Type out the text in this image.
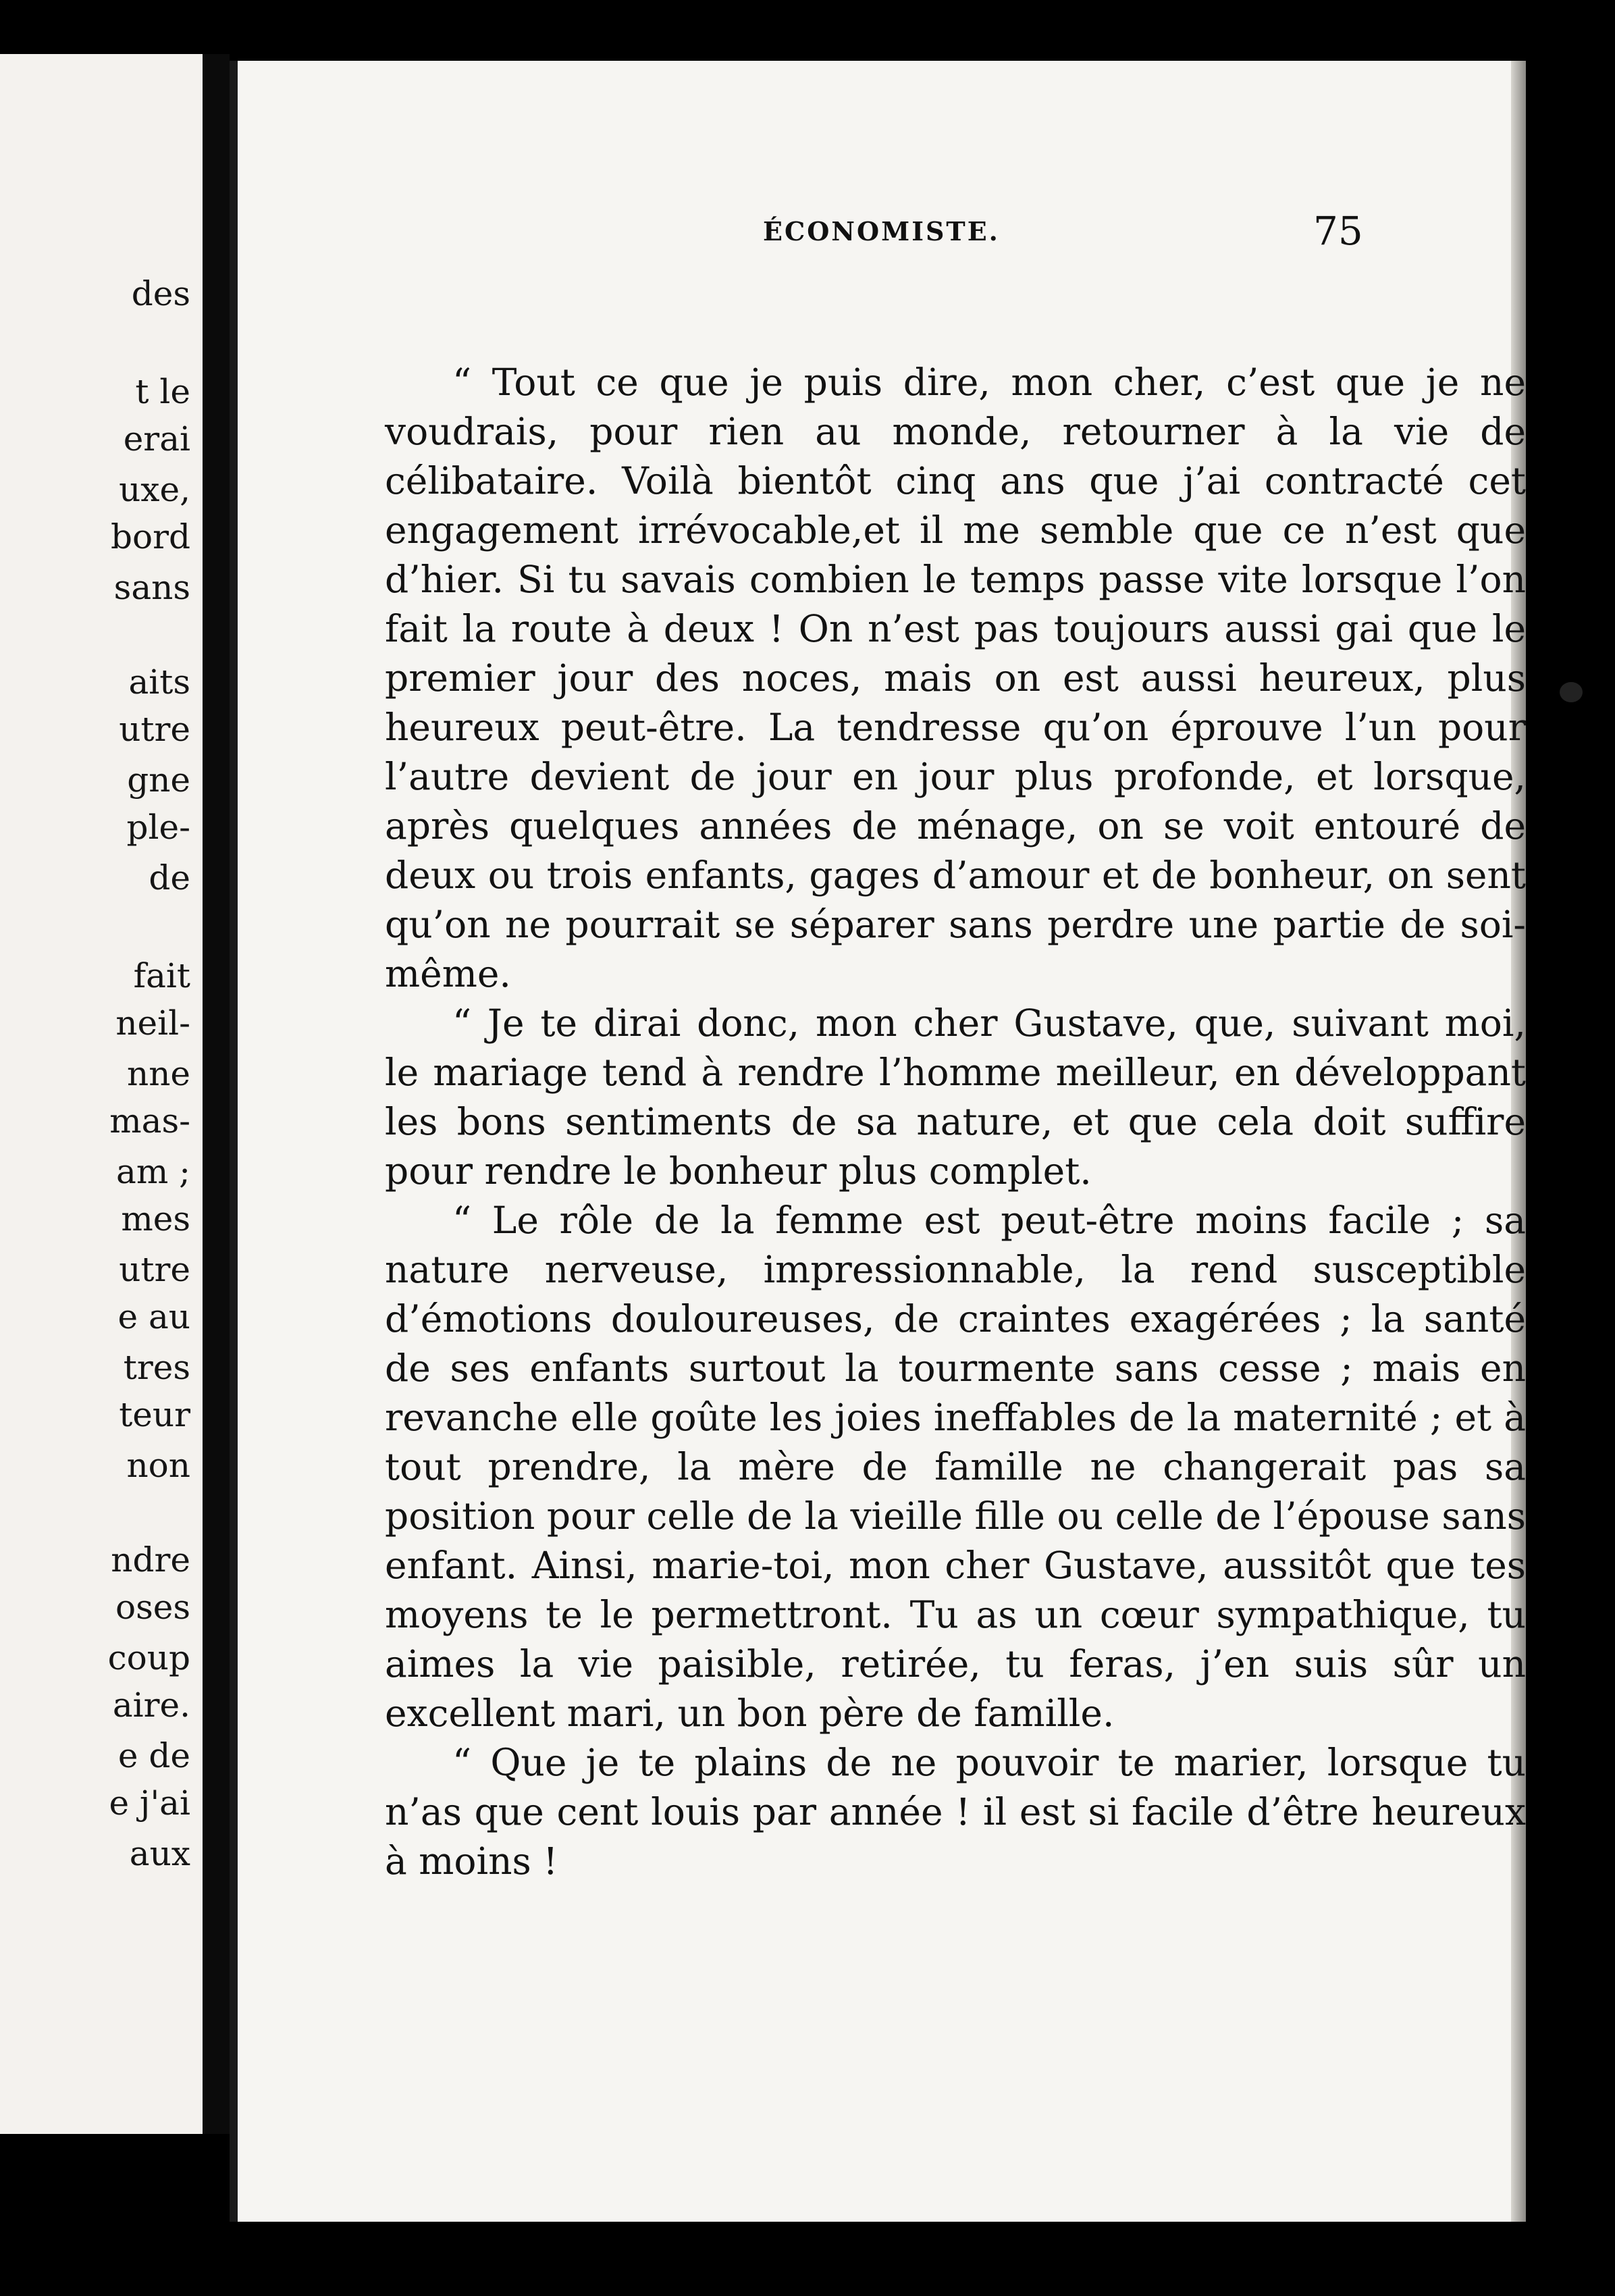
des
t le
erai
uxe,
bord
sans
aits
utre
gne
ple-
de
fait
neil-
nne
mas-
am ;
mes
utre
e au
tres
teur
non
ndre
oses
coup
aire.
e de
e j'ai
aux
ÉCONOMISTE.	75

“ Tout ce que je puis dire, mon cher, c’est que je ne voudrais, pour rien au monde, retourner à la vie de célibataire. Voilà bientôt cinq ans que j’ai contracté cet engagement irrévocable,et il me semble que ce n’est que d’hier. Si tu savais combien le temps passe vite lorsque l’on fait la route à deux ! On n’est pas toujours aussi gai que le premier jour des noces, mais on est aussi heureux, plus heureux peut-être. La tendresse qu’on éprouve l’un pour l’autre devient de jour en jour plus profonde, et lorsque, après quelques années de ménage, on se voit entouré de deux ou trois enfants, gages d’amour et de bonheur, on sent qu’on ne pourrait se séparer sans perdre une partie de soi-même.

“ Je te dirai donc, mon cher Gustave, que, suivant moi, le mariage tend à rendre l’homme meilleur, en développant les bons sentiments de sa nature, et que cela doit suffire pour rendre le bonheur plus complet.

“ Le rôle de la femme est peut-être moins facile ; sa nature nerveuse, impressionnable, la rend susceptible d’émotions douloureuses, de craintes exagérées ; la santé de ses enfants surtout la tourmente sans cesse ; mais en revanche elle goûte les joies ineffables de la maternité ; et à tout prendre, la mère de famille ne changerait pas sa position pour celle de la vieille fille ou celle de l’épouse sans enfant. Ainsi, marie-toi, mon cher Gustave, aussitôt que tes moyens te le permettront. Tu as un cœur sympathique, tu aimes la vie paisible, retirée, tu feras, j’en suis sûr un excellent mari, un bon père de famille.

“ Que je te plains de ne pouvoir te marier, lorsque tu n’as que cent louis par année ! il est si facile d’être heureux à moins !
